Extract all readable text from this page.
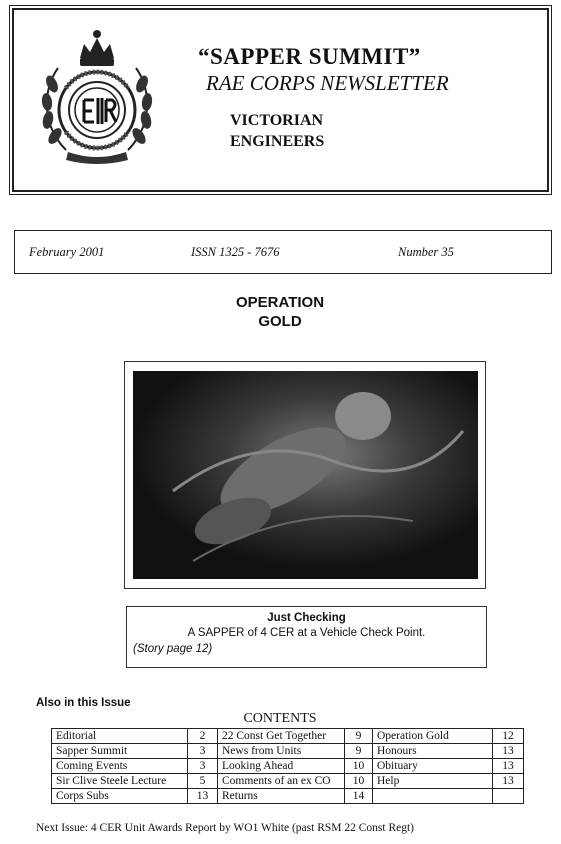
“SAPPER SUMMIT”
RAE CORPS NEWSLETTER
VICTORIAN
ENGINEERS
February 2001	ISSN 1325 - 7676	Number 35
OPERATION
GOLD
Just Checking
A SAPPER of 4 CER at a Vehicle Check Point.
(Story page 12)
Also in this Issue
CONTENTS
Editorial	2	22 Const Get Together	9	Operation Gold	12
Sapper Summit	3	News from Units	9	Honours	13
Coming Events	3	Looking Ahead	10	Obituary	13
Sir Clive Steele Lecture	5	Comments of an ex CO	10	Help	13
Corps Subs	13	Returns	14		
Next Issue: 4 CER Unit Awards Report by WO1 White (past RSM 22 Const Regt)
